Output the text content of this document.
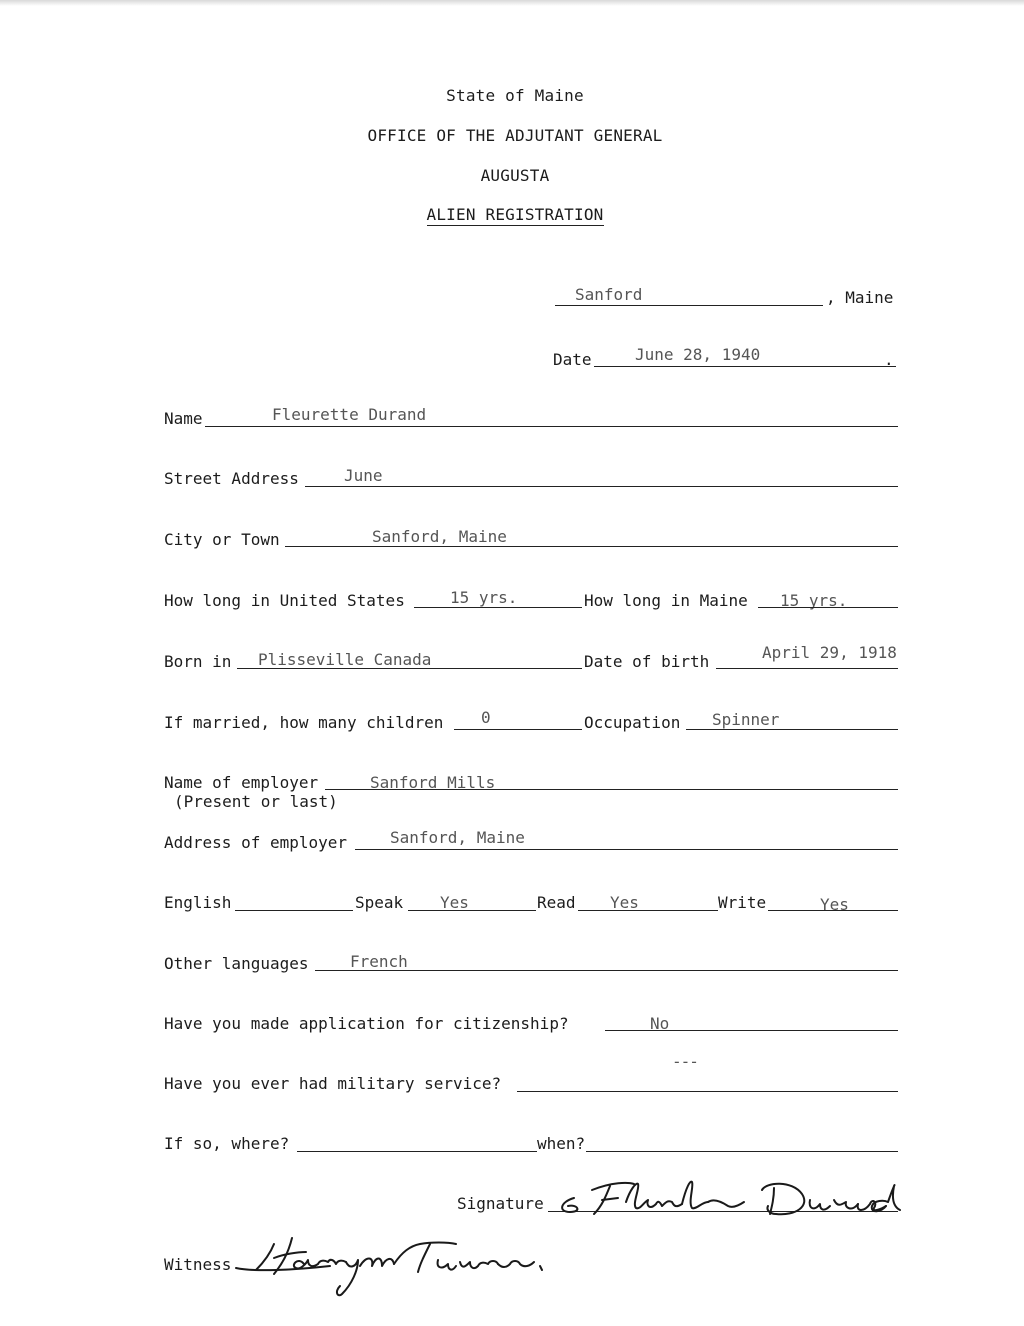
State of Maine
OFFICE OF THE ADJUTANT GENERAL
AUGUSTA
ALIEN REGISTRATION
Sanford	, Maine
Date	June 28, 1940	.
Name	Fleurette Durand
Street Address	June
City or Town	Sanford, Maine
How long in United States	15 yrs.	How long in Maine 15 yrs.
Born in Plisseville Canada	Date of birth	April 29, 1918
If married, how many children 0	Occupation Spinner
Name of employer	Sanford Mills
(Present or last)
Address of employer	Sanford, Maine
English	Speak Yes	Read Yes	Write	Yes
Other languages	French
Have you made application for citizenship?	No
---
Have you ever had military service?
If so, where?	when?
Signature
Witness
